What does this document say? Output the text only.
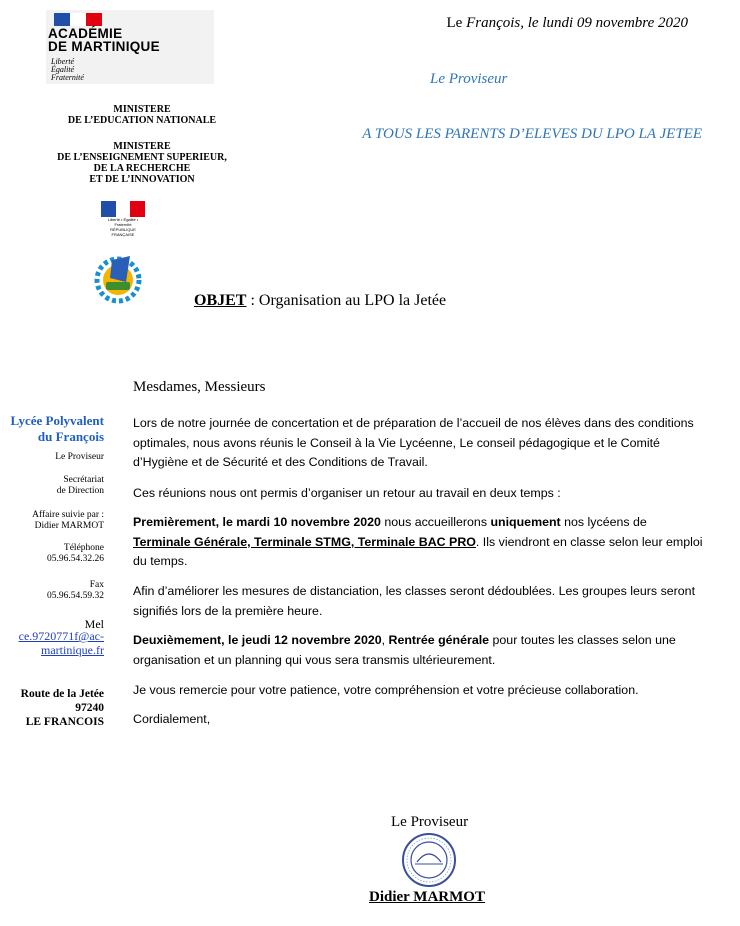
ACADÉMIE
DE MARTINIQUE
Liberté
Égalité
Fraternité
MINISTERE
DE L’EDUCATION NATIONALE
MINISTERE
DE L’ENSEIGNEMENT SUPERIEUR,
DE LA RECHERCHE
ET DE L’INNOVATION
Liberté • Égalité • Fraternité
RÉPUBLIQUE FRANÇAISE
Le François, le lundi 09 novembre 2020
Le Proviseur
A TOUS LES PARENTS D’ELEVES DU LPO LA JETEE
OBJET : Organisation au LPO la Jetée
Lycée Polyvalent
du François
Le Proviseur
Secrétariat
de Direction
Affaire suivie par :
Didier MARMOT
Téléphone
05.96.54.32.26
Fax
05.96.54.59.32
Mel
ce.9720771f@ac-
martinique.fr
Route de la Jetée
97240
LE FRANCOIS
Mesdames, Messieurs
Lors de notre journée de concertation et de préparation de l’accueil de nos élèves dans des conditions optimales, nous avons réunis le Conseil à la Vie Lycéenne, Le conseil pédagogique et le Comité d’Hygiène et de Sécurité et des Conditions de Travail.
Ces réunions nous ont permis d’organiser un retour au travail en deux temps :
Premièrement, le mardi 10 novembre 2020 nous accueillerons uniquement nos lycéens de Terminale Générale, Terminale STMG, Terminale BAC PRO. Ils viendront en classe selon leur emploi du temps.
Afin d’améliorer les mesures de distanciation, les classes seront dédoublées. Les groupes leurs seront signifiés lors de la première heure.
Deuxièmement, le jeudi 12 novembre 2020, Rentrée générale pour toutes les classes selon une organisation et un planning qui vous sera transmis ultérieurement.
Je vous remercie pour votre patience, votre compréhension et votre précieuse collaboration.
Cordialement,
Le Proviseur
Didier MARMOT
